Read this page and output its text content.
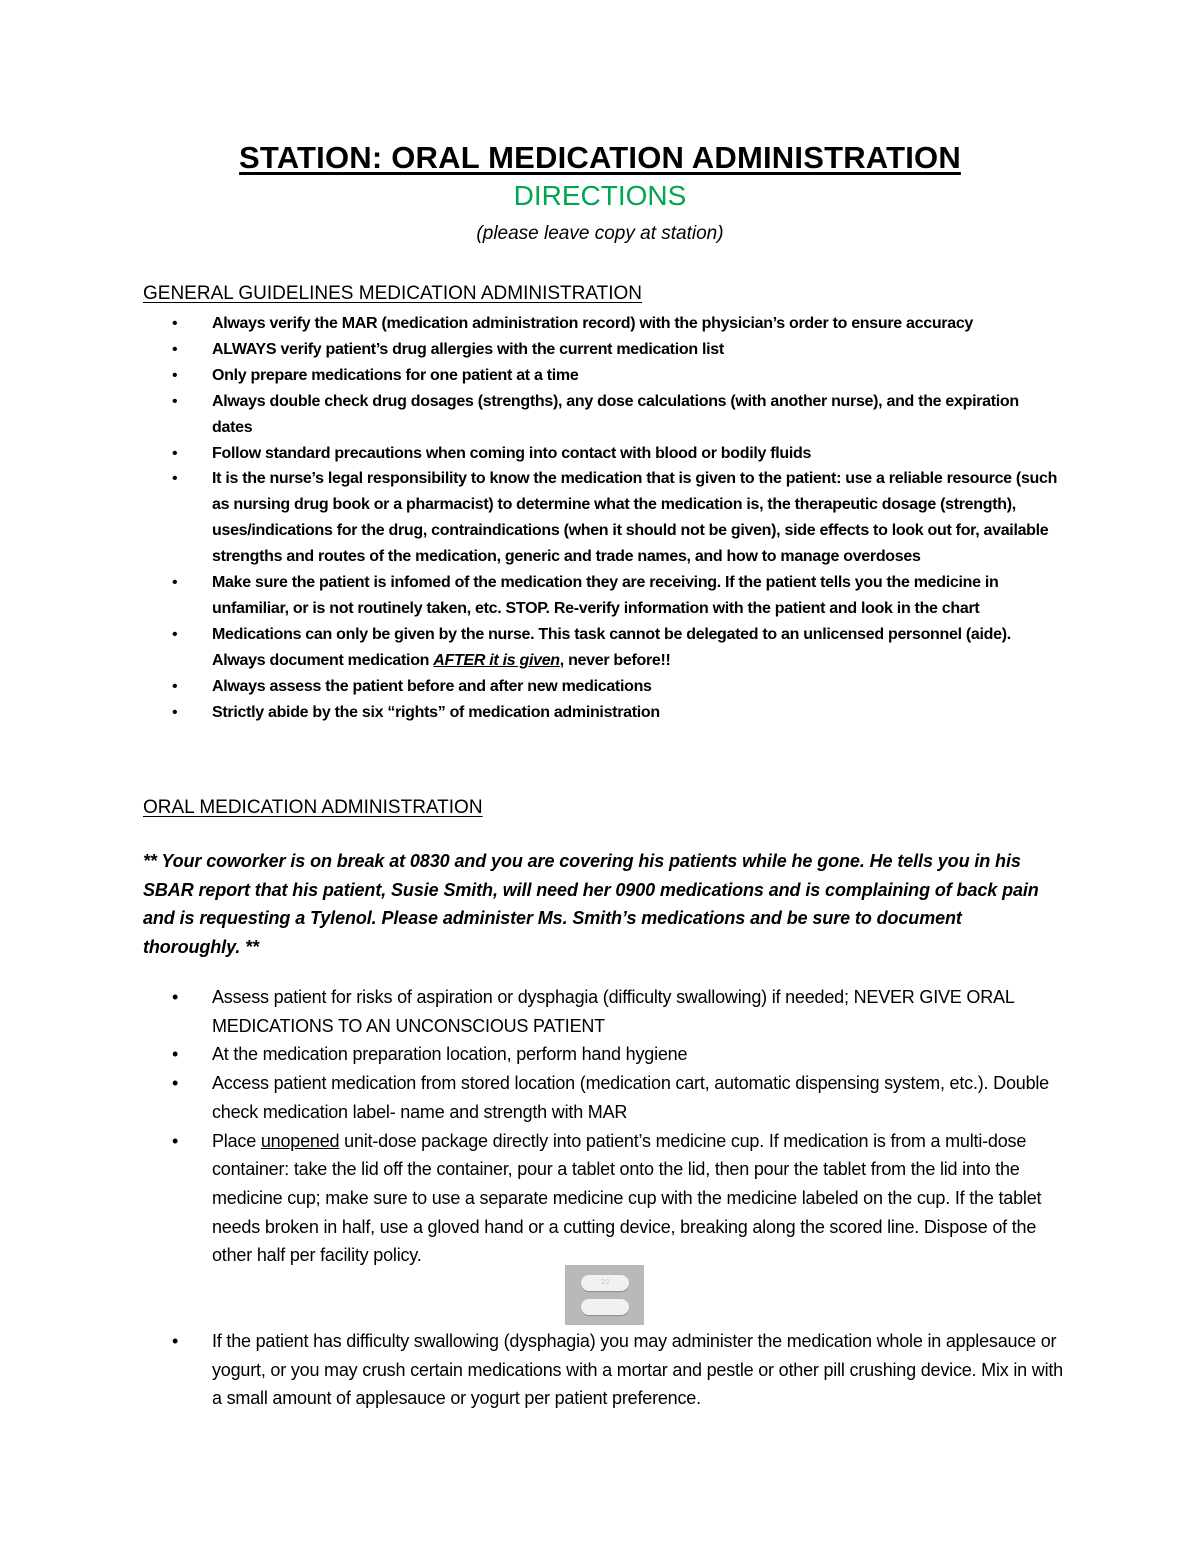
STATION: ORAL MEDICATION ADMINISTRATION
DIRECTIONS
(please leave copy at station)
GENERAL GUIDELINES MEDICATION ADMINISTRATION
• Always verify the MAR (medication administration record) with the physician’s order to ensure accuracy
• ALWAYS verify patient’s drug allergies with the current medication list
• Only prepare medications for one patient at a time
• Always double check drug dosages (strengths), any dose calculations (with another nurse), and the expiration dates
• Follow standard precautions when coming into contact with blood or bodily fluids
• It is the nurse’s legal responsibility to know the medication that is given to the patient: use a reliable resource (such as nursing drug book or a pharmacist) to determine what the medication is, the therapeutic dosage (strength), uses/indications for the drug, contraindications (when it should not be given), side effects to look out for, available strengths and routes of the medication, generic and trade names, and how to manage overdoses
• Make sure the patient is infomed of the medication they are receiving. If the patient tells you the medicine in unfamiliar, or is not routinely taken, etc. STOP. Re-verify information with the patient and look in the chart
• Medications can only be given by the nurse. This task cannot be delegated to an unlicensed personnel (aide). Always document medication AFTER it is given, never before!!
• Always assess the patient before and after new medications
• Strictly abide by the six “rights” of medication administration
ORAL MEDICATION ADMINISTRATION
** Your coworker is on break at 0830 and you are covering his patients while he gone. He tells you in his SBAR report that his patient, Susie Smith, will need her 0900 medications and is complaining of back pain and is requesting a Tylenol. Please administer Ms. Smith’s medications and be sure to document thoroughly. **
• Assess patient for risks of aspiration or dysphagia (difficulty swallowing) if needed; NEVER GIVE ORAL MEDICATIONS TO AN UNCONSCIOUS PATIENT
• At the medication preparation location, perform hand hygiene
• Access patient medication from stored location (medication cart, automatic dispensing system, etc.). Double check medication label- name and strength with MAR
• Place unopened unit-dose package directly into patient’s medicine cup. If medication is from a multi-dose container: take the lid off the container, pour a tablet onto the lid, then pour the tablet from the lid into the medicine cup; make sure to use a separate medicine cup with the medicine labeled on the cup. If the tablet needs broken in half, use a gloved hand or a cutting device, breaking along the scored line. Dispose of the other half per facility policy.
22
• If the patient has difficulty swallowing (dysphagia) you may administer the medication whole in applesauce or yogurt, or you may crush certain medications with a mortar and pestle or other pill crushing device. Mix in with a small amount of applesauce or yogurt per patient preference.
